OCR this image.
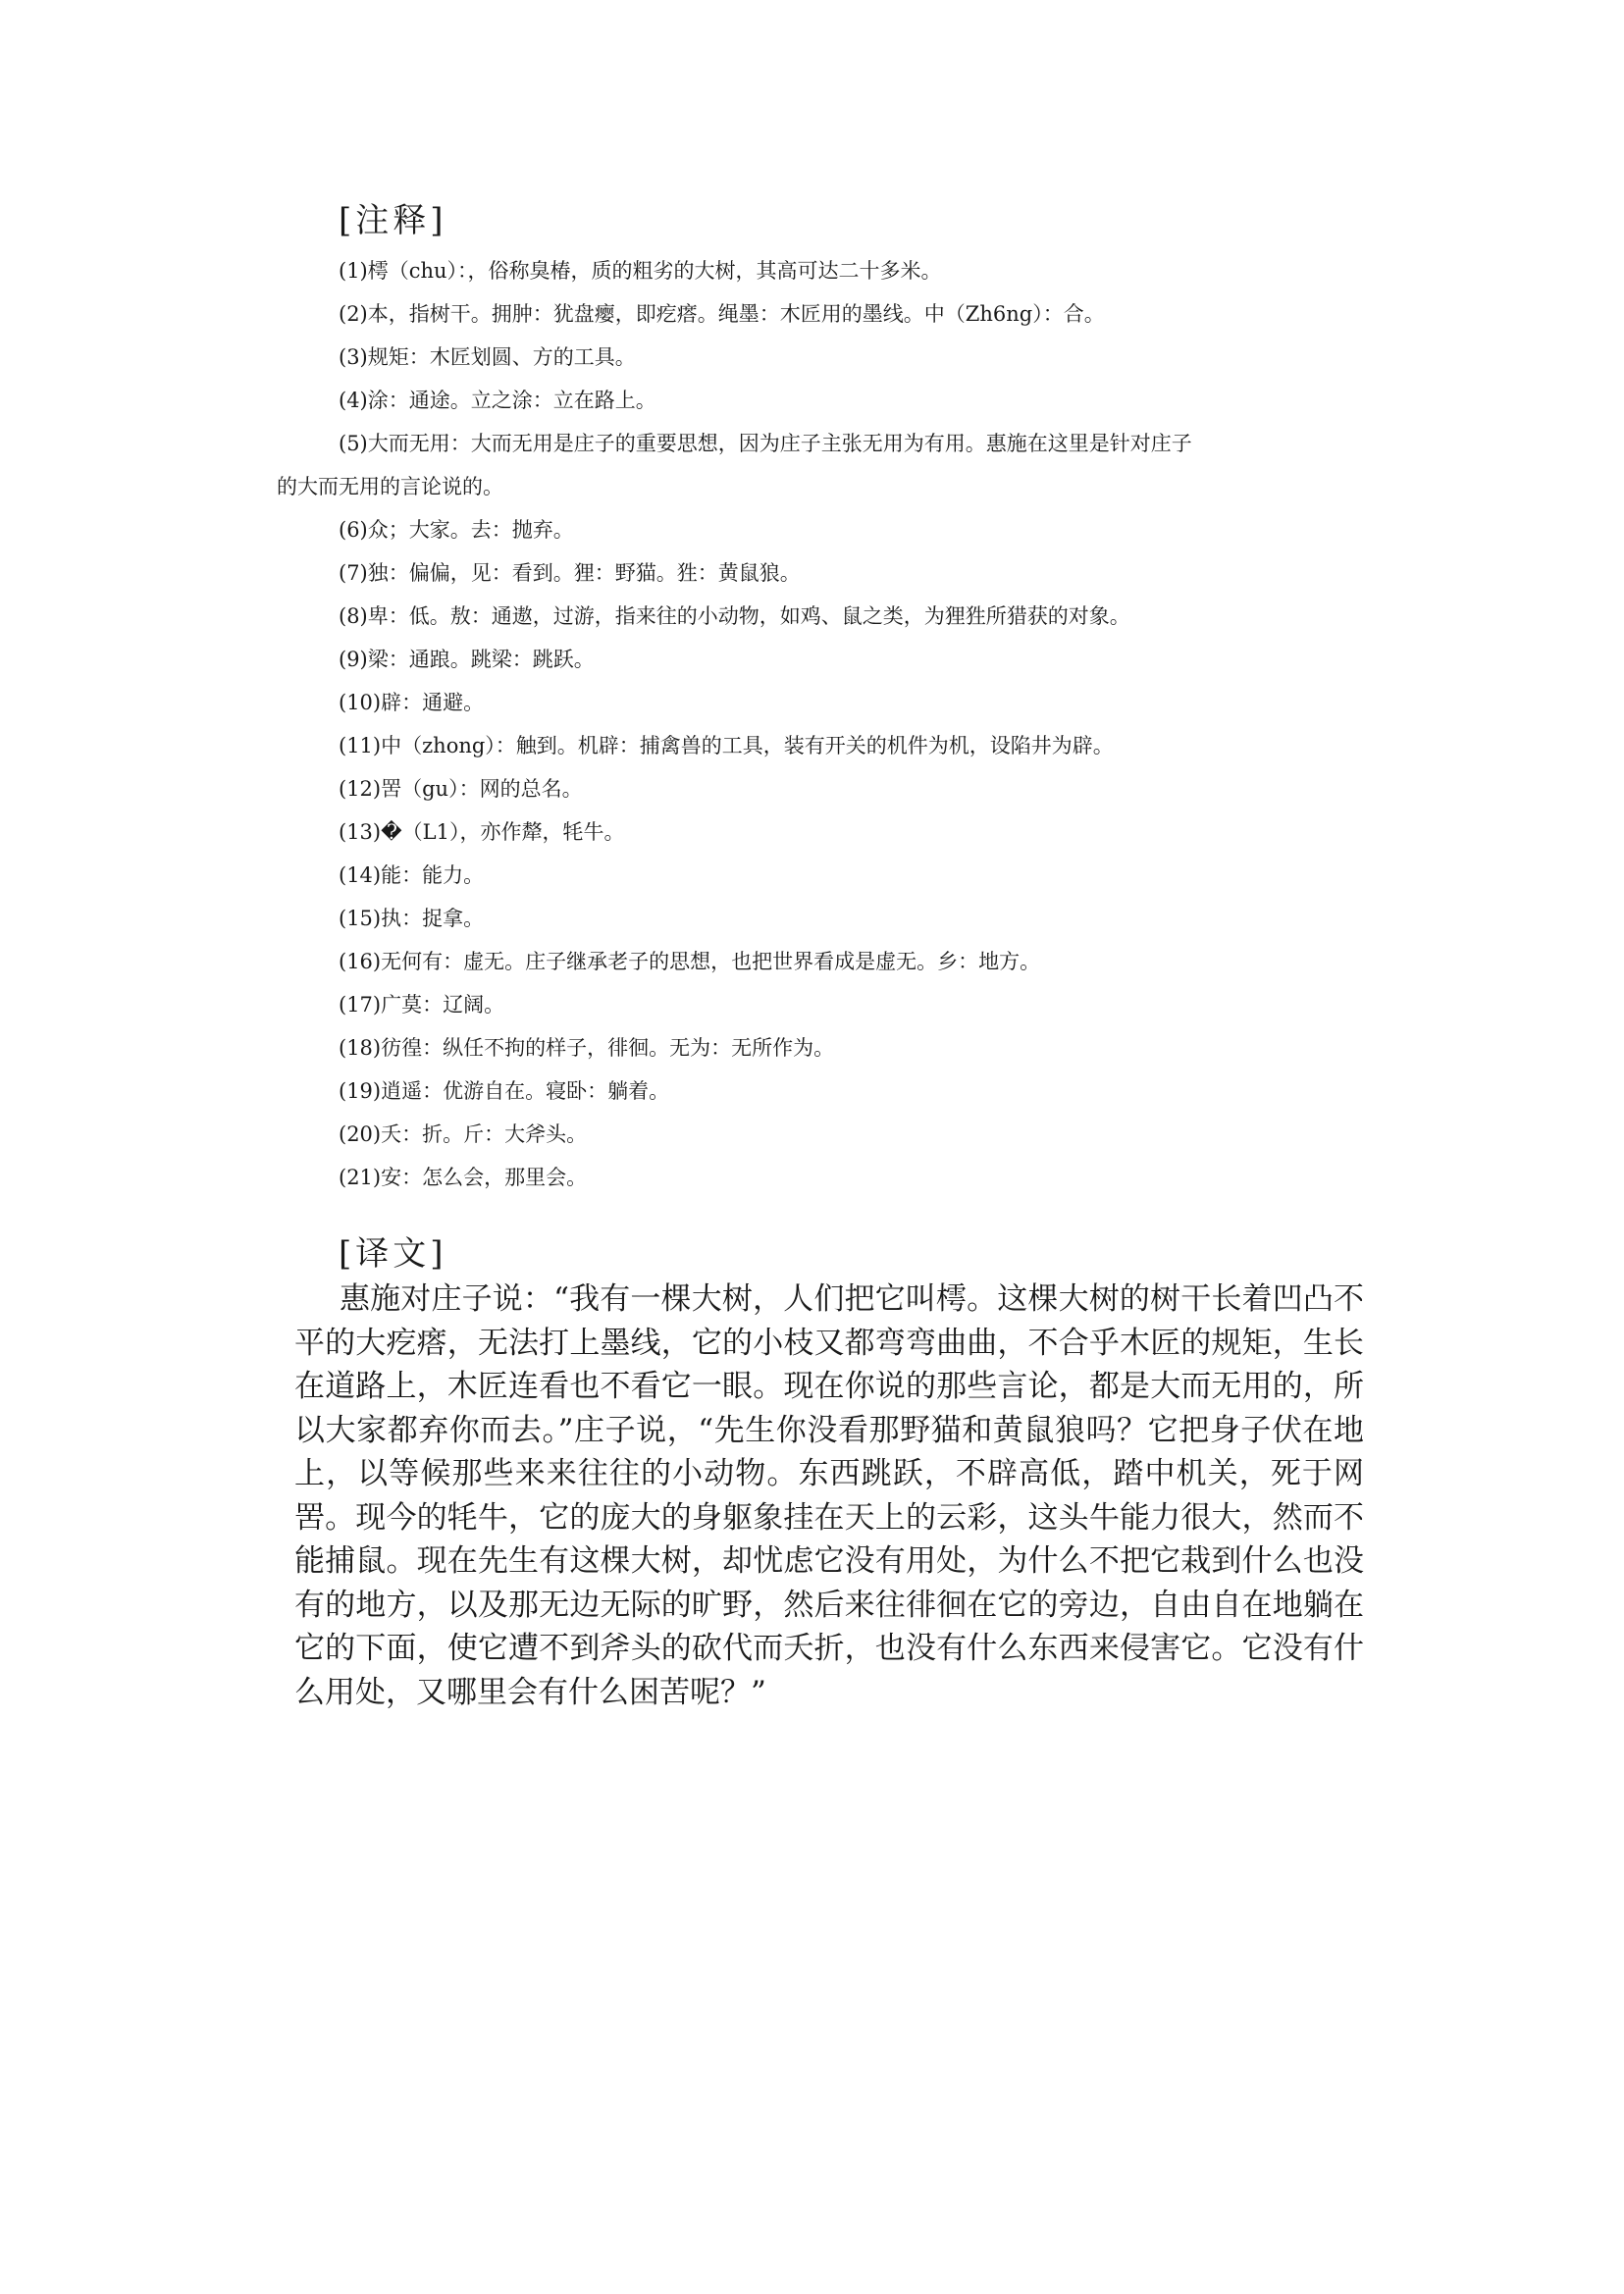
[注释]
(1)樗（chu）：，俗称臭椿，质的粗劣的大树，其高可达二十多米。
(2)本，指树干。拥肿：犹盘瘿，即疙瘩。绳墨：木匠用的墨线。中（Zh6ng）：合。
(3)规矩：木匠划圆、方的工具。
(4)涂：通途。立之涂：立在路上。
(5)大而无用：大而无用是庄子的重要思想，因为庄子主张无用为有用。惠施在这里是针对庄子
的大而无用的言论说的。
(6)众；大家。去：抛弃。
(7)独：偏偏，见：看到。狸：野猫。狌：黄鼠狼。
(8)卑：低。敖：通遨，过游，指来往的小动物，如鸡、鼠之类，为狸狌所猎获的对象。
(9)梁：通踉。跳梁：跳跃。
(10)辟：通避。
(11)中（zhong）：触到。机辟：捕禽兽的工具，装有开关的机件为机，设陷井为辟。
(12)罟（gu）：网的总名。
(13)�（L1），亦作犛，牦牛。
(14)能：能力。
(15)执：捉拿。
(16)无何有：虚无。庄子继承老子的思想，也把世界看成是虚无。乡：地方。
(17)广莫：辽阔。
(18)彷徨：纵任不拘的样子，徘徊。无为：无所作为。
(19)逍遥：优游自在。寝卧：躺着。
(20)夭：折。斤：大斧头。
(21)安：怎么会，那里会。
[译文]
惠施对庄子说：“我有一棵大树，人们把它叫樗。这棵大树的树干长着凹凸不平的大疙瘩，无法打上墨线，它的小枝又都弯弯曲曲，不合乎木匠的规矩，生长在道路上，木匠连看也不看它一眼。现在你说的那些言论，都是大而无用的，所以大家都弃你而去。”庄子说，“先生你没看那野猫和黄鼠狼吗？它把身子伏在地上，以等候那些来来往往的小动物。东西跳跃，不辟高低，踏中机关，死于网罟。现今的牦牛，它的庞大的身躯象挂在天上的云彩，这头牛能力很大，然而不能捕鼠。现在先生有这棵大树，却忧虑它没有用处，为什么不把它栽到什么也没有的地方，以及那无边无际的旷野，然后来往徘徊在它的旁边，自由自在地躺在它的下面，使它遭不到斧头的砍代而夭折，也没有什么东西来侵害它。它没有什么用处，又哪里会有什么困苦呢？”
